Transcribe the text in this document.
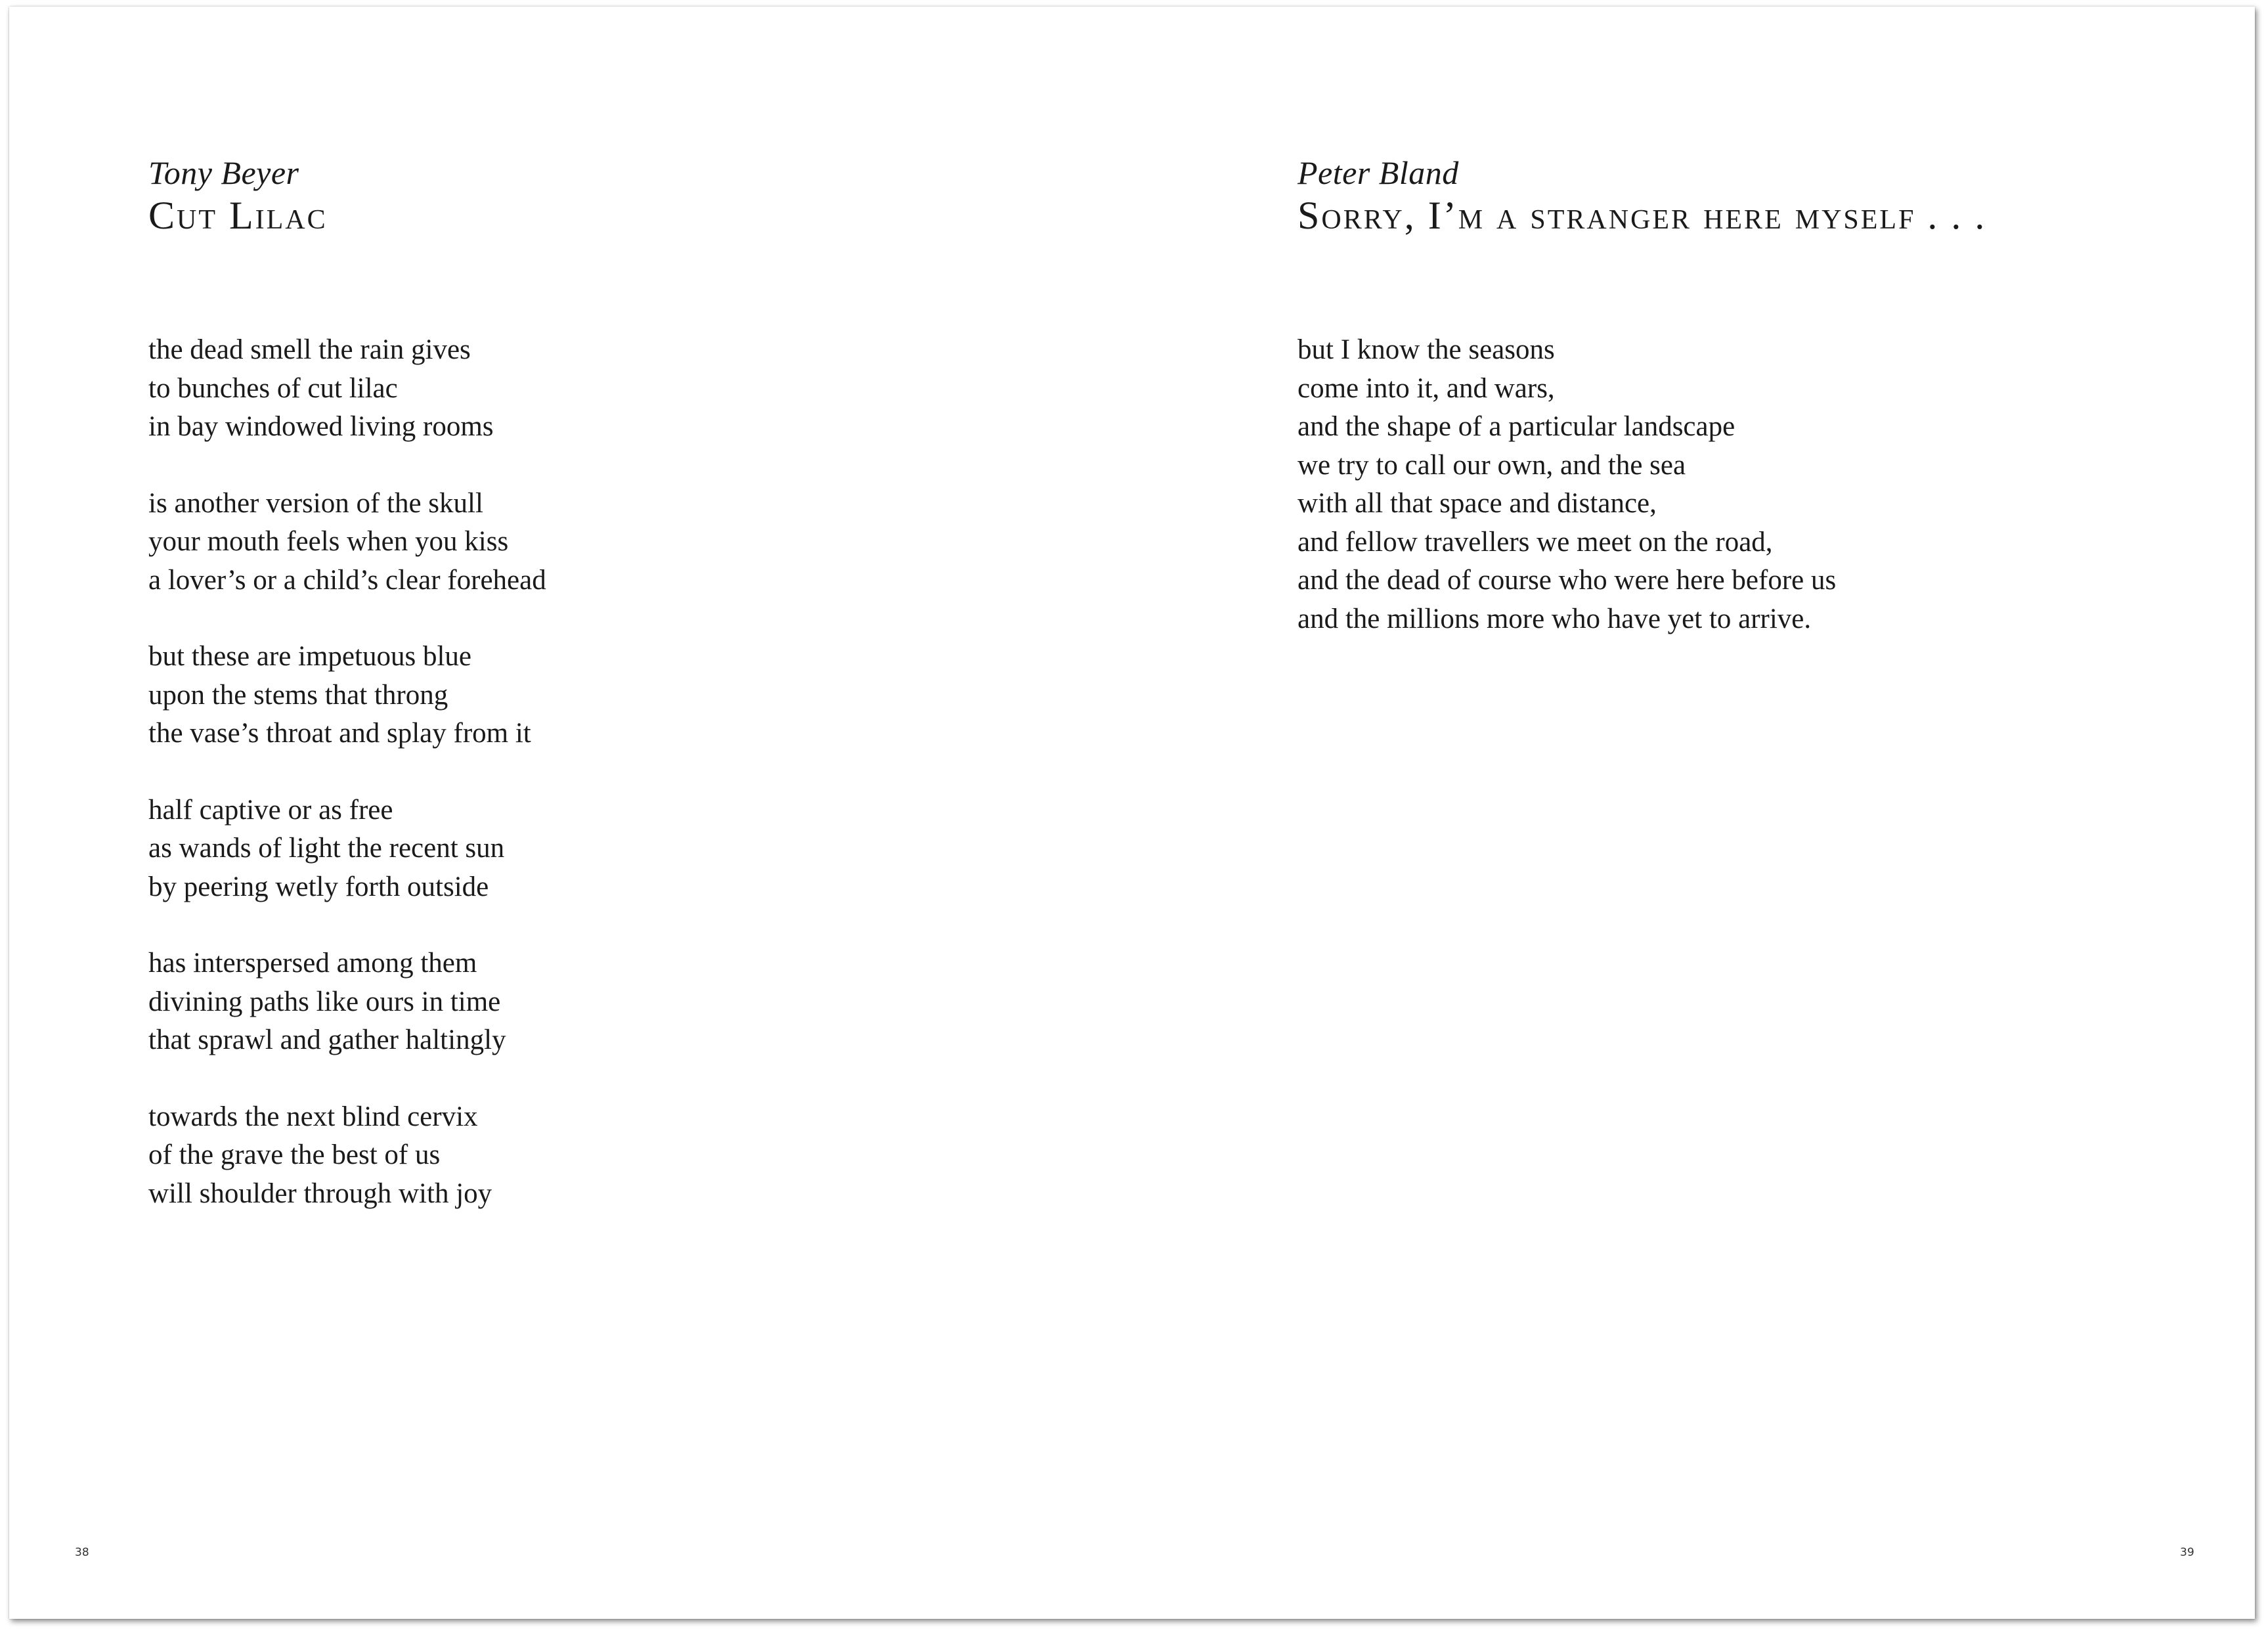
Tony Beyer

Cut Lilac

the dead smell the rain gives
to bunches of cut lilac
in bay windowed living rooms
is another version of the skull
your mouth feels when you kiss
a lover’s or a child’s clear forehead
but these are impetuous blue
upon the stems that throng
the vase’s throat and splay from it
half captive or as free
as wands of light the recent sun
by peering wetly forth outside
has interspersed among them
divining paths like ours in time
that sprawl and gather haltingly
towards the next blind cervix
of the grave the best of us
will shoulder through with joy

Peter Bland

Sorry, I’m a stranger here myself . . .

but I know the seasons
come into it, and wars,
and the shape of a particular landscape
we try to call our own, and the sea
with all that space and distance,
and fellow travellers we meet on the road,
and the dead of course who were here before us
and the millions more who have yet to arrive.
38	39
